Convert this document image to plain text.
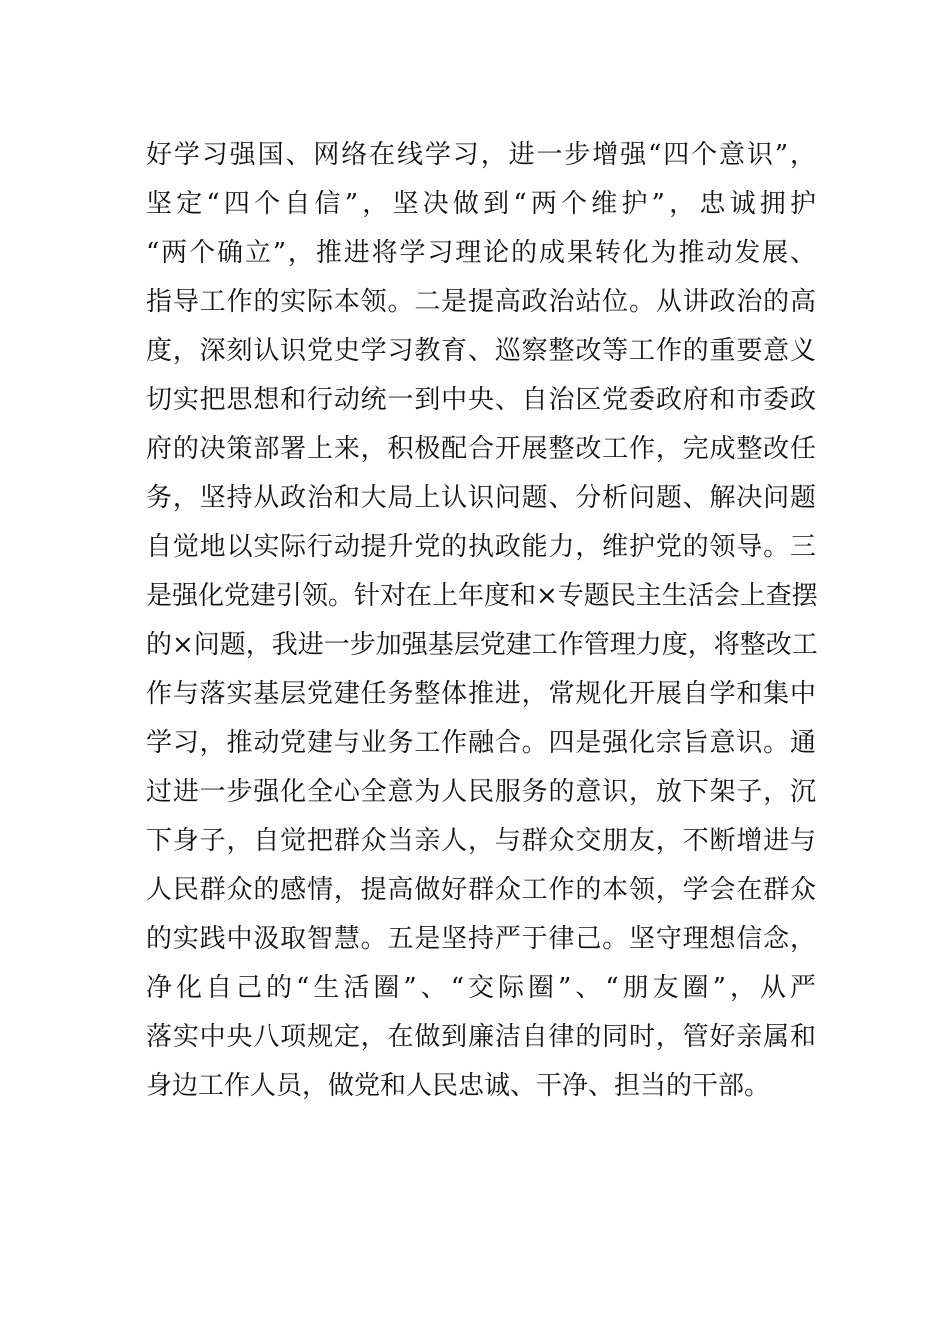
好学习强国、网络在线学习，进一步增强“四个意识”，
坚定“四个自信”，坚决做到“两个维护”，忠诚拥护
“两个确立”，推进将学习理论的成果转化为推动发展、
指导工作的实际本领。二是提高政治站位。从讲政治的高
度，深刻认识党史学习教育、巡察整改等工作的重要意义
切实把思想和行动统一到中央、自治区党委政府和市委政
府的决策部署上来，积极配合开展整改工作，完成整改任
务，坚持从政治和大局上认识问题、分析问题、解决问题
自觉地以实际行动提升党的执政能力，维护党的领导。三
是强化党建引领。针对在上年度和×专题民主生活会上查摆
的×问题，我进一步加强基层党建工作管理力度，将整改工
作与落实基层党建任务整体推进，常规化开展自学和集中
学习，推动党建与业务工作融合。四是强化宗旨意识。通
过进一步强化全心全意为人民服务的意识，放下架子，沉
下身子，自觉把群众当亲人，与群众交朋友，不断增进与
人民群众的感情，提高做好群众工作的本领，学会在群众
的实践中汲取智慧。五是坚持严于律己。坚守理想信念，
净化自己的“生活圈”、“交际圈”、“朋友圈”，从严
落实中央八项规定，在做到廉洁自律的同时，管好亲属和
身边工作人员，做党和人民忠诚、干净、担当的干部。
